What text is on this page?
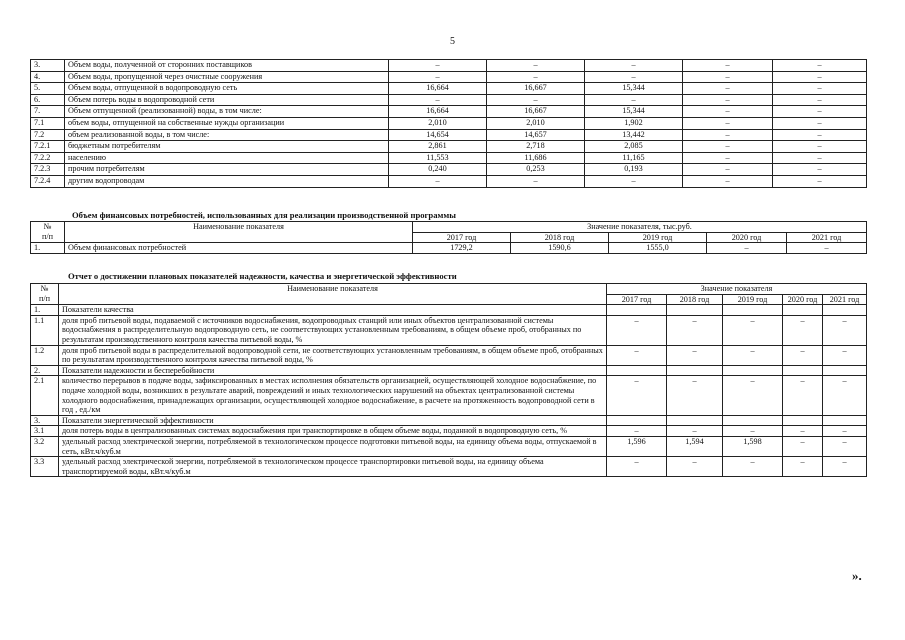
5
3.	Объем воды, полученной от сторонних поставщиков	–	–	–	–	–
4.	Объем воды, пропущенной через очистные сооружения	–	–	–	–	–
5.	Объем воды, отпущенной в водопроводную сеть	16,664	16,667	15,344	–	–
6.	Объем потерь воды в водопроводной сети	–	–	–	–	–
7.	Объем отпущенной (реализованной) воды, в том числе:	16,664	16,667	15,344	–	–
7.1	объем воды, отпущенной на собственные нужды организации	2,010	2,010	1,902	–	–
7.2	объем реализованной воды, в том числе:	14,654	14,657	13,442	–	–
7.2.1	бюджетным потребителям	2,861	2,718	2,085	–	–
7.2.2	населению	11,553	11,686	11,165	–	–
7.2.3	прочим потребителям	0,240	0,253	0,193	–	–
7.2.4	другим водопроводам	–	–	–	–	–
Объем финансовых потребностей, использованных для реализации производственной программы
№
п/п	Наименование показателя	Значение показателя, тыс.руб.				
		2017 год	2018 год	2019 год	2020 год	2021 год
1.	Объем финансовых потребностей	1729,2	1590,6	1555,0	–	–
Отчет о достижении плановых показателей надежности, качества и энергетической эффективности
№
п/п	Наименование показателя	Значение показателя				
		2017 год	2018 год	2019 год	2020 год	2021 год
1.	Показатели качества					
1.1	доля проб питьевой воды, подаваемой с источников водоснабжения, водопроводных станций или иных объектов централизованной системы водоснабжения в распределительную водопроводную сеть, не соответствующих установленным требованиям, в общем объеме проб, отобранных по результатам производственного контроля качества питьевой воды, %	–	–	–	–	–
1.2	доля проб питьевой воды в распределительной водопроводной сети, не соответствующих установленным требованиям, в общем объеме проб, отобранных по результатам производственного контроля качества питьевой воды, %	–	–	–	–	–
2.	Показатели надежности и бесперебойности					
2.1	количество перерывов в подаче воды, зафиксированных в местах исполнения обязательств организацией, осуществляющей холодное водоснабжение, по подаче холодной воды, возникших в результате аварий, повреждений и иных технологических нарушений на объектах централизованной системы холодного водоснабжения, принадлежащих организации, осуществляющей холодное водоснабжение, в расчете на протяженность водопроводной сети в год , ед./км	–	–	–	–	–
3.	Показатели энергетической эффективности					
3.1	доля потерь воды в централизованных системах водоснабжения при транспортировке в общем объеме воды, поданной в водопроводную сеть, %	–	–	–	–	–
3.2	удельный расход электрической энергии, потребляемой в технологическом процессе подготовки питьевой воды, на единицу объема воды, отпускаемой в сеть, кВт.ч/куб.м	1,596	1,594	1,598	–	–
3.3	удельный расход электрической энергии, потребляемой в технологическом процессе транспортировки питьевой воды, на единицу объема транспортируемой воды, кВт.ч/куб.м	–	–	–	–	–
».
